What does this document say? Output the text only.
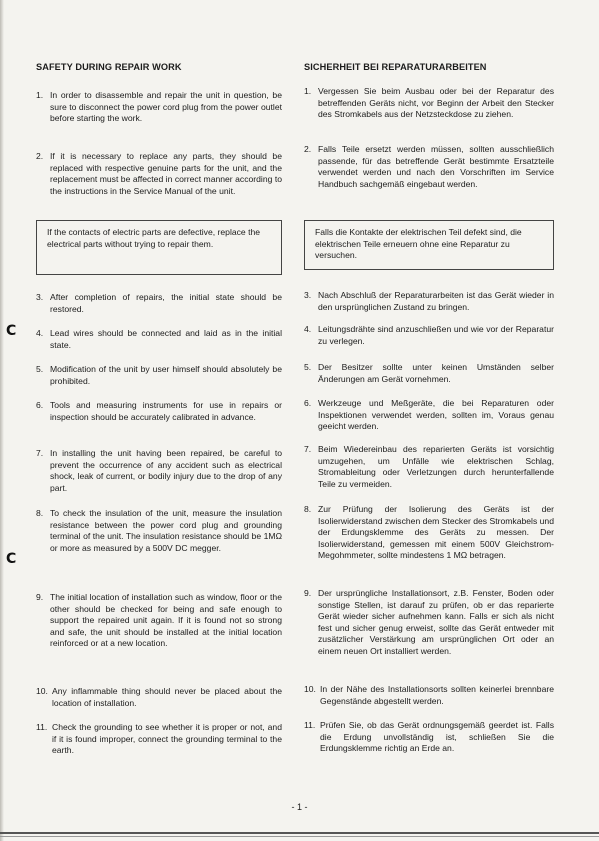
C
C
SAFETY DURING REPAIR WORK
1. In order to disassemble and repair the unit in question, be sure to disconnect the power cord plug from the power outlet before starting the work.
2. If it is necessary to replace any parts, they should be replaced with respective genuine parts for the unit, and the replacement must be affected in correct manner according to the instructions in the Service Manual of the unit.
If the contacts of electric parts are defective, replace the electrical parts without trying to repair them.
3. After completion of repairs, the initial state should be restored.
4. Lead wires should be connected and laid as in the initial state.
5. Modification of the unit by user himself should absolutely be prohibited.
6. Tools and measuring instruments for use in repairs or inspection should be accurately calibrated in advance.
7. In installing the unit having been repaired, be careful to prevent the occurrence of any accident such as electrical shock, leak of current, or bodily injury due to the drop of any part.
8. To check the insulation of the unit, measure the insulation resistance between the power cord plug and grounding terminal of the unit. The insulation resistance should be 1MΩ or more as measured by a 500V DC megger.
9. The initial location of installation such as window, floor or the other should be checked for being and safe enough to support the repaired unit again. If it is found not so strong and safe, the unit should be installed at the initial location reinforced or at a new location.
10. Any inflammable thing should never be placed about the location of installation.
11. Check the grounding to see whether it is proper or not, and if it is found improper, connect the grounding terminal to the earth.
SICHERHEIT BEI REPARATURARBEITEN
1. Vergessen Sie beim Ausbau oder bei der Reparatur des betreffenden Geräts nicht, vor Beginn der Arbeit den Stecker des Stromkabels aus der Netzsteckdose zu ziehen.
2. Falls Teile ersetzt werden müssen, sollten ausschließlich passende, für das betreffende Gerät bestimmte Ersatzteile verwendet werden und nach den Vorschriften im Service Handbuch sachgemäß eingebaut werden.
Falls die Kontakte der elektrischen Teil defekt sind, die elektrischen Teile erneuern ohne eine Reparatur zu versuchen.
3. Nach Abschluß der Reparaturarbeiten ist das Gerät wieder in den ursprünglichen Zustand zu bringen.
4. Leitungsdrähte sind anzuschließen und wie vor der Reparatur zu verlegen.
5. Der Besitzer sollte unter keinen Umständen selber Änderungen am Gerät vornehmen.
6. Werkzeuge und Meßgeräte, die bei Reparaturen oder Inspektionen verwendet werden, sollten im, Voraus genau geeicht werden.
7. Beim Wiedereinbau des reparierten Geräts ist vorsichtig umzugehen, um Unfälle wie elektrischen Schlag, Stromableitung oder Verletzungen durch herunterfallende Teile zu vermeiden.
8. Zur Prüfung der Isolierung des Geräts ist der Isolierwiderstand zwischen dem Stecker des Stromkabels und der Erdungsklemme des Geräts zu messen. Der Isolierwiderstand, gemessen mit einem 500V Gleichstrom-Megohmmeter, sollte mindestens 1 MΩ betragen.
9. Der ursprüngliche Installationsort, z.B. Fenster, Boden oder sonstige Stellen, ist darauf zu prüfen, ob er das reparierte Gerät wieder sicher aufnehmen kann. Falls er sich als nicht fest und sicher genug erweist, sollte das Gerät entweder mit zusätzlicher Verstärkung am ursprünglichen Ort oder an einem neuen Ort installiert werden.
10. In der Nähe des Installationsorts sollten keinerlei brennbare Gegenstände abgestellt werden.
11. Prüfen Sie, ob das Gerät ordnungsgemäß geerdet ist. Falls die Erdung unvollständig ist, schließen Sie die Erdungsklemme richtig an Erde an.
- 1 -
